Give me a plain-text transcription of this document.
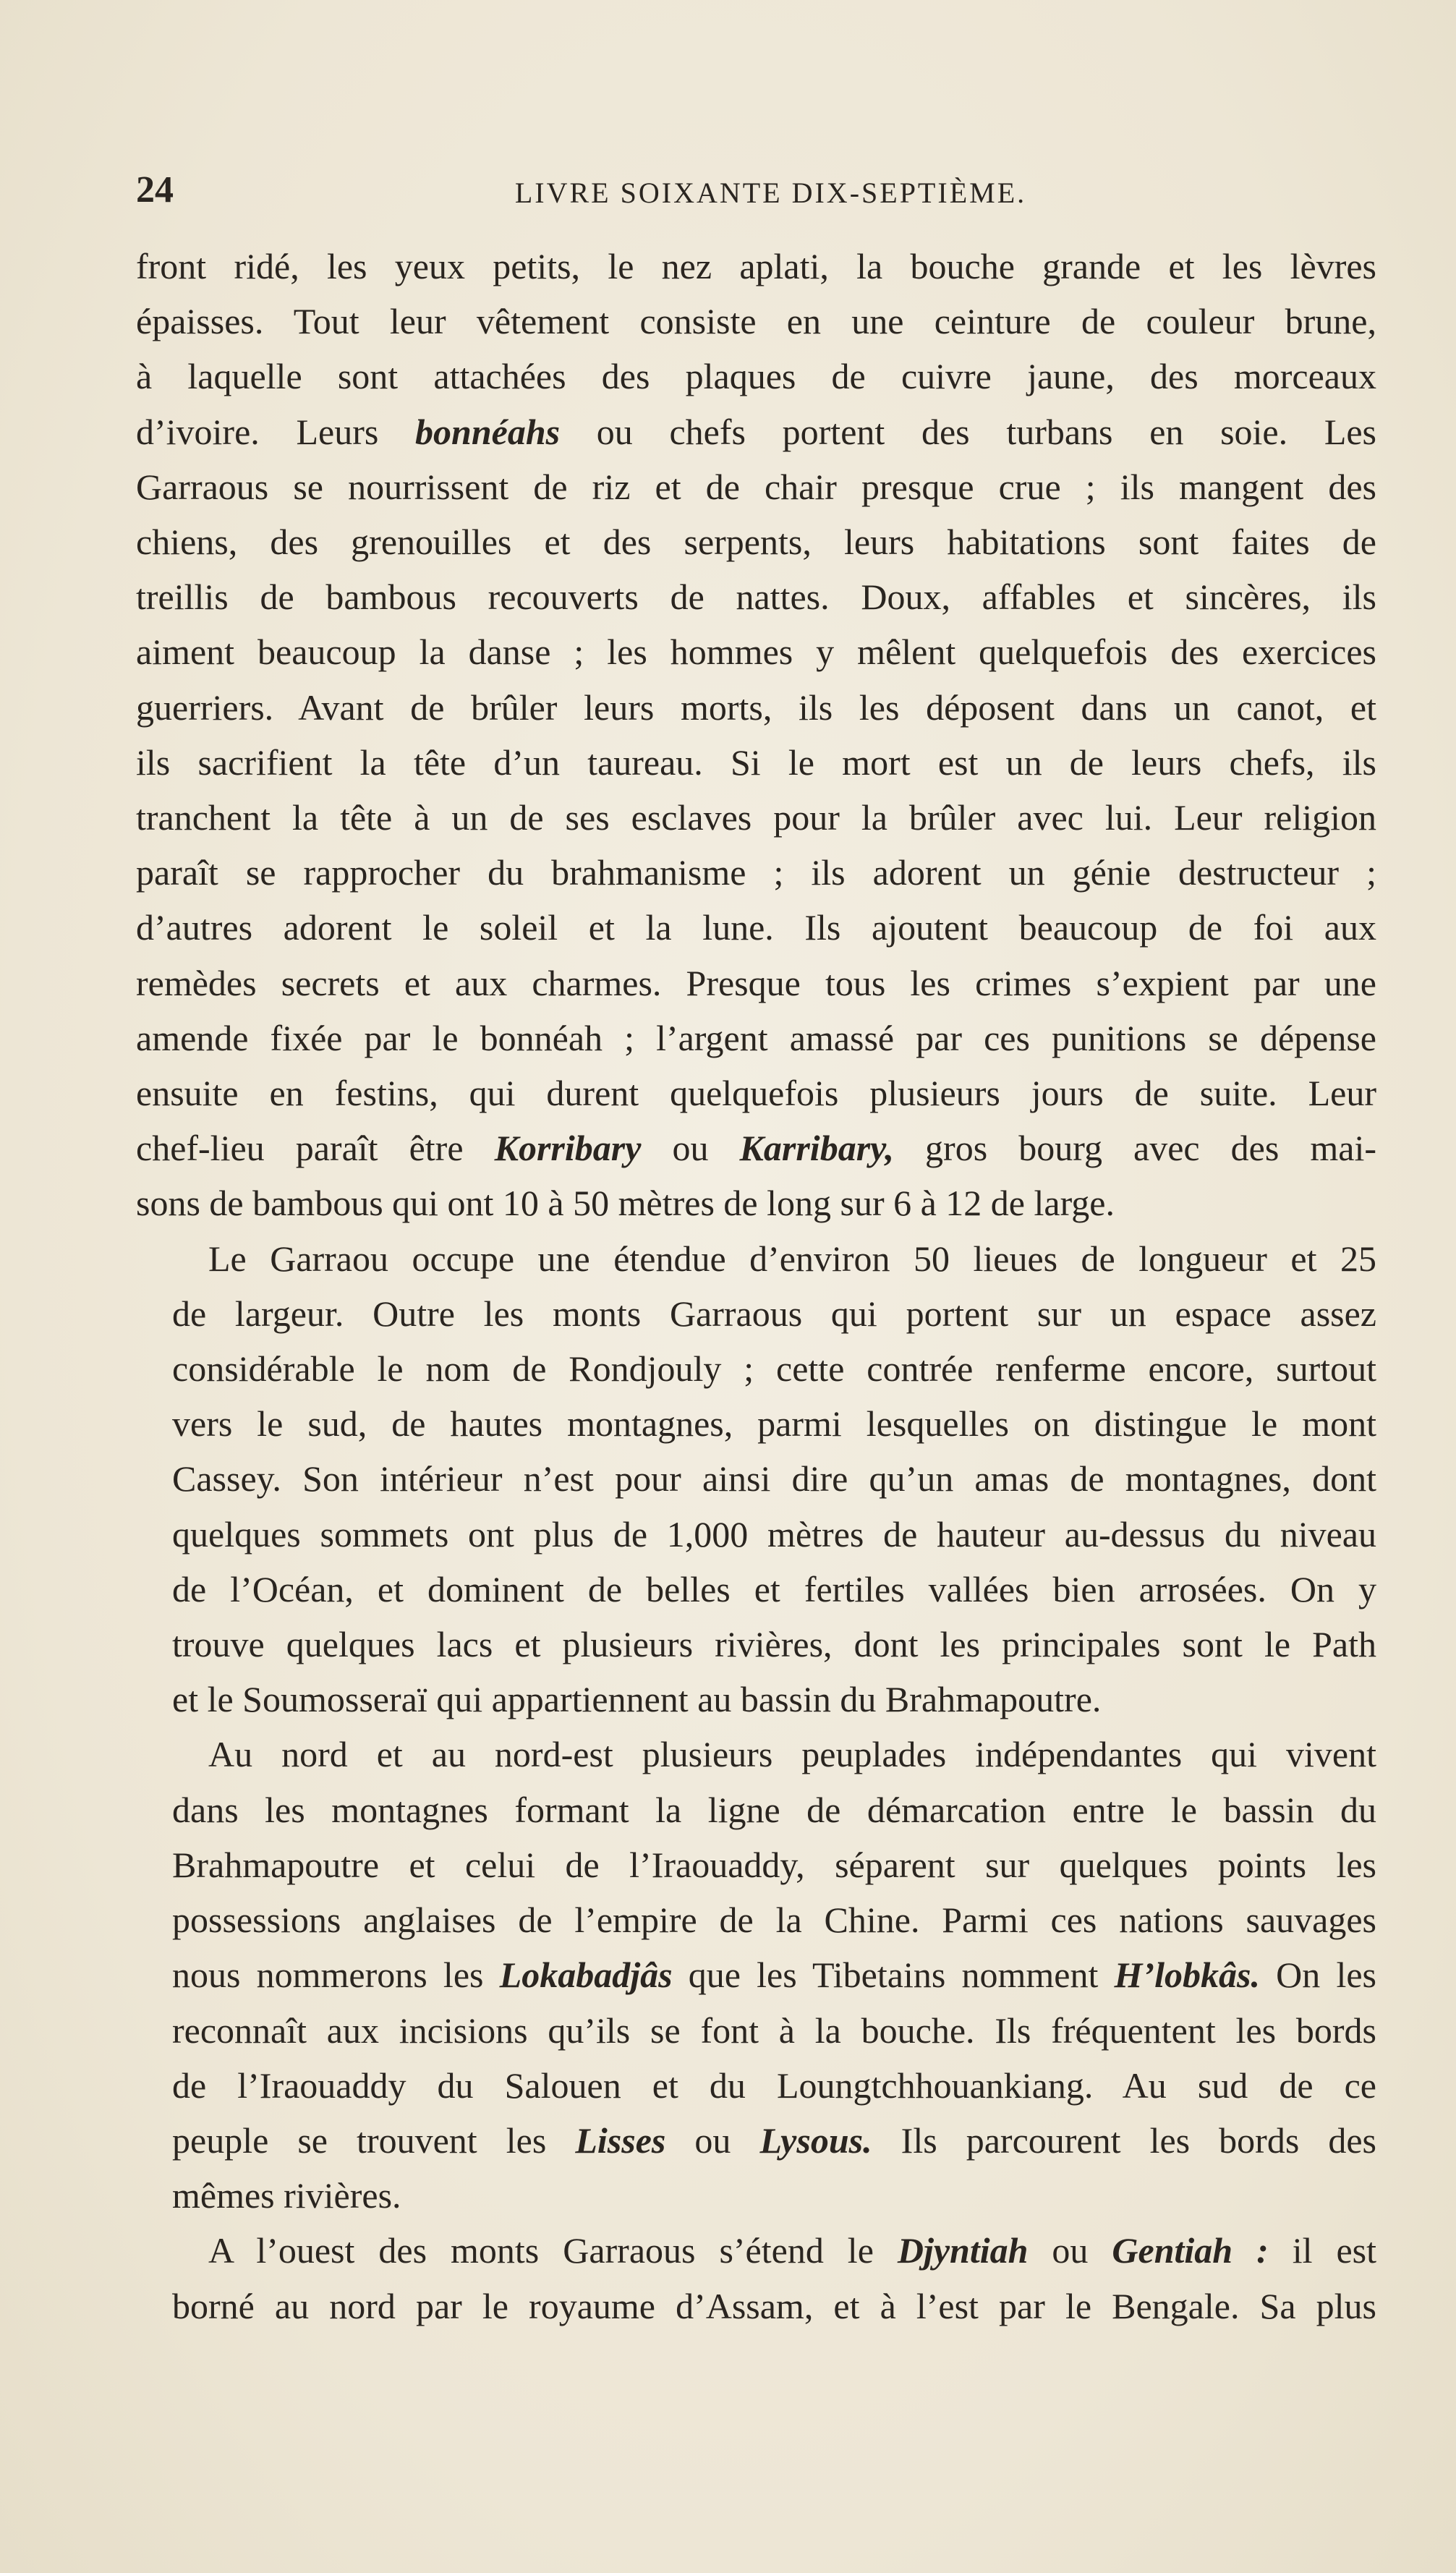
24	LIVRE SOIXANTE DIX-SEPTIÈME.

front ridé, les yeux petits, le nez aplati, la bouche grande et les lèvres
épaisses. Tout leur vêtement consiste en une ceinture de couleur brune,
à laquelle sont attachées des plaques de cuivre jaune, des morceaux
d’ivoire. Leurs bonnéahs ou chefs portent des turbans en soie. Les
Garraous se nourrissent de riz et de chair presque crue ; ils mangent des
chiens, des grenouilles et des serpents, leurs habitations sont faites de
treillis de bambous recouverts de nattes. Doux, affables et sincères, ils
aiment beaucoup la danse ; les hommes y mêlent quelquefois des exercices
guerriers. Avant de brûler leurs morts, ils les déposent dans un canot, et
ils sacrifient la tête d’un taureau. Si le mort est un de leurs chefs, ils
tranchent la tête à un de ses esclaves pour la brûler avec lui. Leur religion
paraît se rapprocher du brahmanisme ; ils adorent un génie destructeur ;
d’autres adorent le soleil et la lune. Ils ajoutent beaucoup de foi aux
remèdes secrets et aux charmes. Presque tous les crimes s’expient par une
amende fixée par le bonnéah ; l’argent amassé par ces punitions se dépense
ensuite en festins, qui durent quelquefois plusieurs jours de suite. Leur
chef-lieu paraît être Korribary ou Karribary, gros bourg avec des mai-
sons de bambous qui ont 10 à 50 mètres de long sur 6 à 12 de large.

Le Garraou occupe une étendue d’environ 50 lieues de longueur et 25
de largeur. Outre les monts Garraous qui portent sur un espace assez
considérable le nom de Rondjouly ; cette contrée renferme encore, surtout
vers le sud, de hautes montagnes, parmi lesquelles on distingue le mont
Cassey. Son intérieur n’est pour ainsi dire qu’un amas de montagnes, dont
quelques sommets ont plus de 1,000 mètres de hauteur au-dessus du niveau
de l’Océan, et dominent de belles et fertiles vallées bien arrosées. On y
trouve quelques lacs et plusieurs rivières, dont les principales sont le Path
et le Soumosseraï qui appartiennent au bassin du Brahmapoutre.

Au nord et au nord-est plusieurs peuplades indépendantes qui vivent
dans les montagnes formant la ligne de démarcation entre le bassin du
Brahmapoutre et celui de l’Iraouaddy, séparent sur quelques points les
possessions anglaises de l’empire de la Chine. Parmi ces nations sauvages
nous nommerons les Lokabadjâs que les Tibetains nomment H’lobkâs. On les
reconnaît aux incisions qu’ils se font à la bouche. Ils fréquentent les bords
de l’Iraouaddy du Salouen et du Loungtchhouankiang. Au sud de ce
peuple se trouvent les Lisses ou Lysous. Ils parcourent les bords des
mêmes rivières.

A l’ouest des monts Garraous s’étend le Djyntiah ou Gentiah : il est
borné au nord par le royaume d’Assam, et à l’est par le Bengale. Sa plus
